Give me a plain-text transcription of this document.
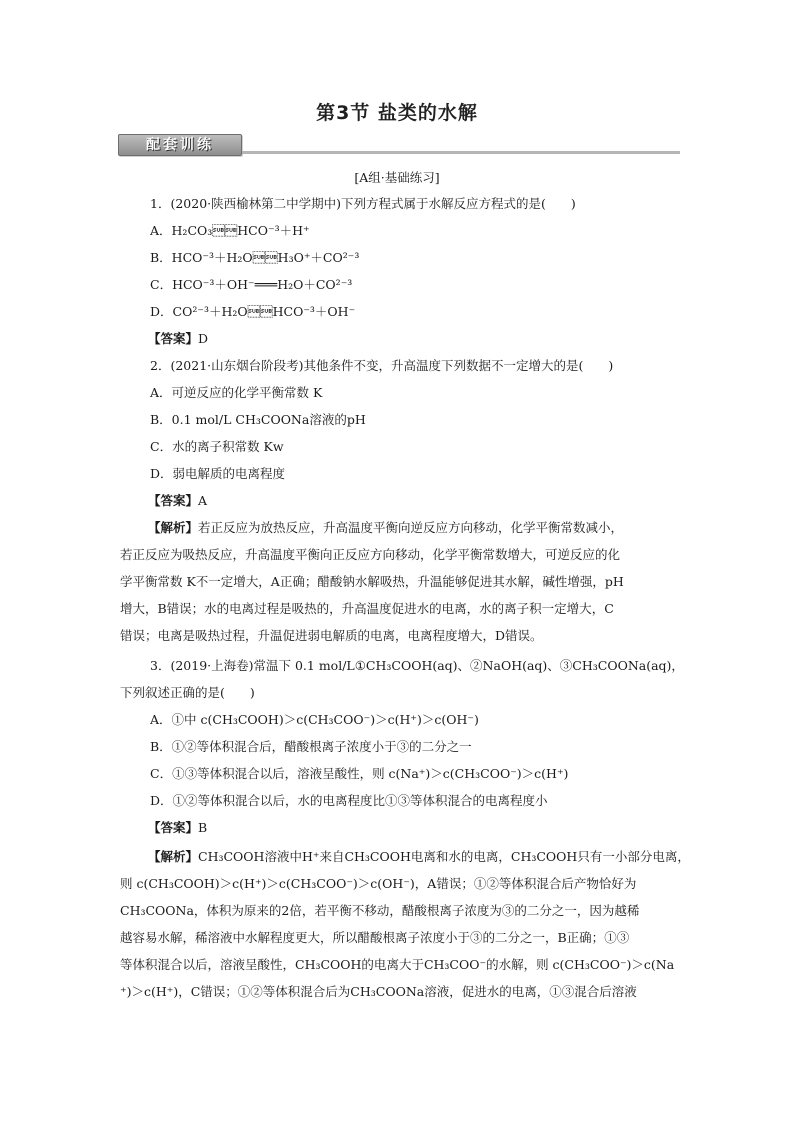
第3节 盐类的水解
配套训练
[A组·基础练习]
1．(2020·陕西榆林第二中学期中)下列方程式属于水解反应方程式的是(　　)
A．H₂CO₃HCO⁻³＋H⁺
B．HCO⁻³＋H₂OH₃O⁺＋CO²⁻³
C．HCO⁻³＋OH⁻═══H₂O＋CO²⁻³
D．CO²⁻³＋H₂OHCO⁻³＋OH⁻
【答案】D
2．(2021·山东烟台阶段考)其他条件不变，升高温度下列数据不一定增大的是(　　)
A．可逆反应的化学平衡常数 K
B．0.1 mol/L CH₃COONa溶液的pH
C．水的离子积常数 Kw
D．弱电解质的电离程度
【答案】A
【解析】若正反应为放热反应，升高温度平衡向逆反应方向移动，化学平衡常数减小，
若正反应为吸热反应，升高温度平衡向正反应方向移动，化学平衡常数增大，可逆反应的化
学平衡常数 K不一定增大，A正确；醋酸钠水解吸热，升温能够促进其水解，碱性增强，pH
增大，B错误；水的电离过程是吸热的，升高温度促进水的电离，水的离子积一定增大，C
错误；电离是吸热过程，升温促进弱电解质的电离，电离程度增大，D错误。
3．(2019·上海卷)常温下 0.1 mol/L①CH₃COOH(aq)、②NaOH(aq)、③CH₃COONa(aq)，
下列叙述正确的是(　　)
A．①中 c(CH₃COOH)＞c(CH₃COO⁻)＞c(H⁺)＞c(OH⁻)
B．①②等体积混合后，醋酸根离子浓度小于③的二分之一
C．①③等体积混合以后，溶液呈酸性，则 c(Na⁺)＞c(CH₃COO⁻)＞c(H⁺)
D．①②等体积混合以后，水的电离程度比①③等体积混合的电离程度小
【答案】B
【解析】CH₃COOH溶液中H⁺来自CH₃COOH电离和水的电离，CH₃COOH只有一小部分电离，
则 c(CH₃COOH)＞c(H⁺)＞c(CH₃COO⁻)＞c(OH⁻)，A错误；①②等体积混合后产物恰好为
CH₃COONa，体积为原来的2倍，若平衡不移动，醋酸根离子浓度为③的二分之一，因为越稀
越容易水解，稀溶液中水解程度更大，所以醋酸根离子浓度小于③的二分之一，B正确；①③
等体积混合以后，溶液呈酸性，CH₃COOH的电离大于CH₃COO⁻的水解，则 c(CH₃COO⁻)＞c(Na
⁺)＞c(H⁺)，C错误；①②等体积混合后为CH₃COONa溶液，促进水的电离，①③混合后溶液
